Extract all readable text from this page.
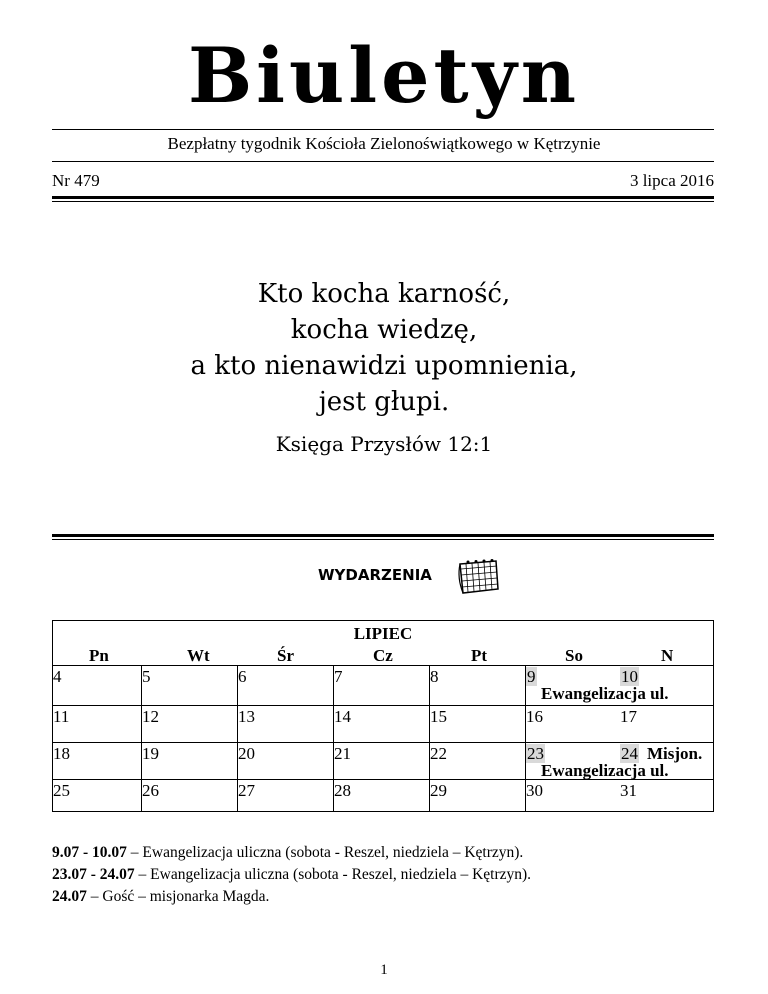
Biuletyn
Bezpłatny tygodnik Kościoła Zielonoświątkowego w Kętrzynie
Nr 479	3 lipca 2016
Kto kocha karność,
kocha wiedzę,
a kto nienawidzi upomnienia,
jest głupi.
Księga Przysłów 12:1
WYDARZENIA
LIPIEC
Pn	Wt	Śr	Cz	Pt	So	N
4	5	6	7	8	9	10
Ewangelizacja ul.
11	12	13	14	15	16	17
18	19	20	21	22	23	24 Misjon.
Ewangelizacja ul.
25	26	27	28	29	30	31
9.07 - 10.07 – Ewangelizacja uliczna (sobota - Reszel, niedziela – Kętrzyn).
23.07 - 24.07 – Ewangelizacja uliczna (sobota - Reszel, niedziela – Kętrzyn).
24.07 – Gość – misjonarka Magda.
1
